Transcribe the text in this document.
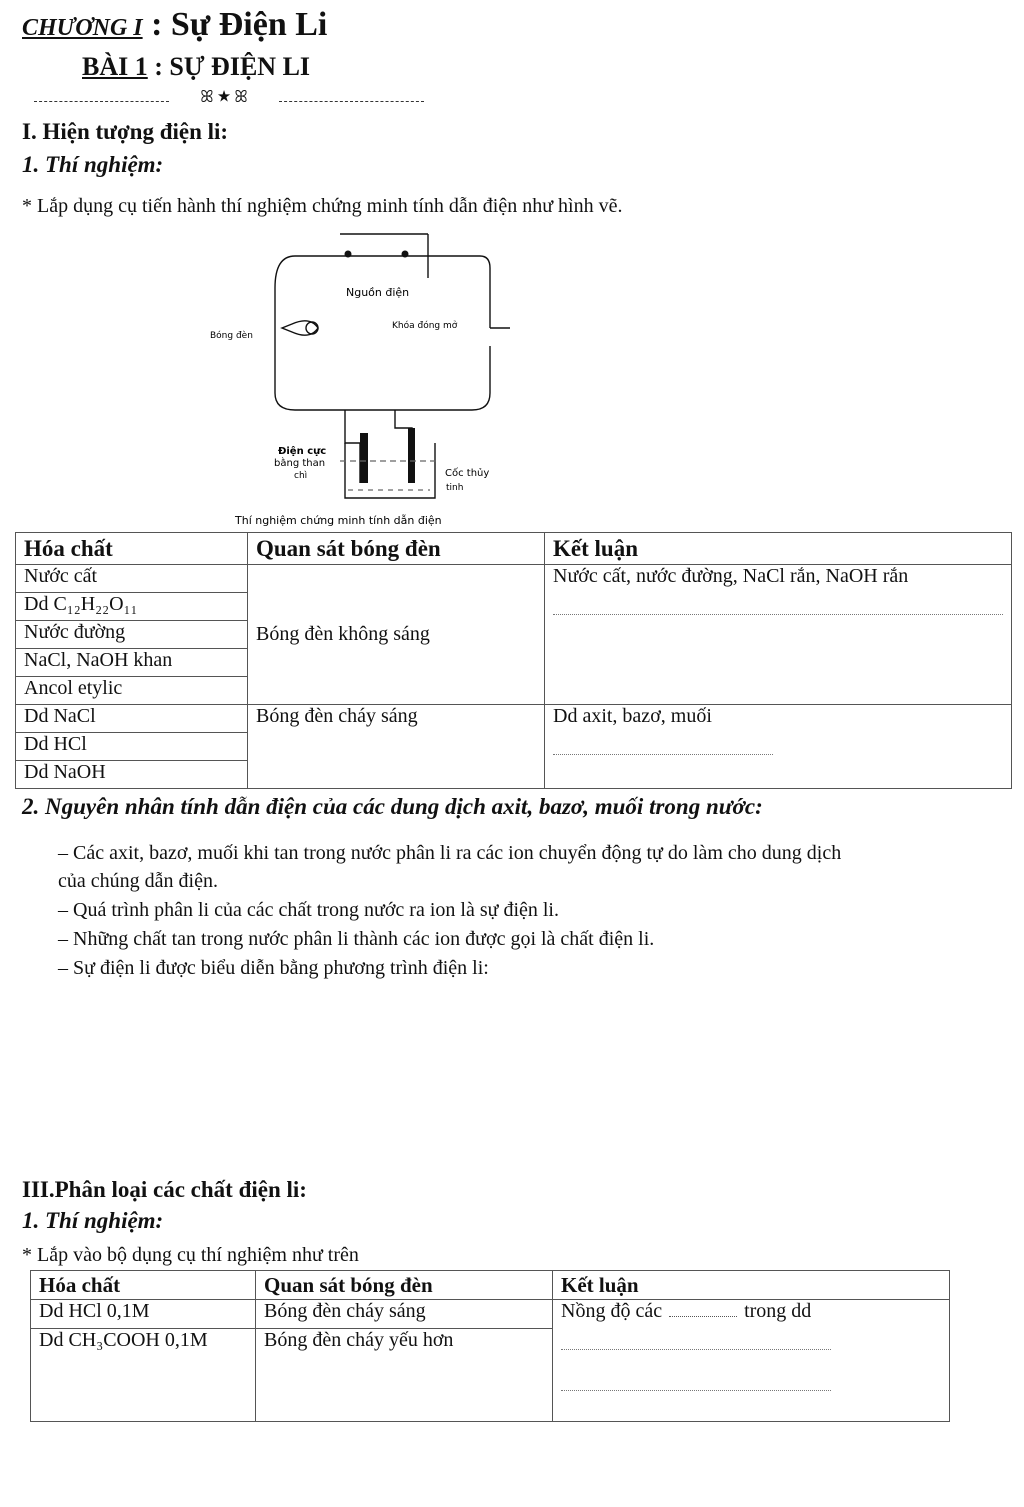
CHƯƠNG I : Sự Điện Li
BÀI 1 : SỰ ĐIỆN LI
ꕤ ★ ꕤ
I. Hiện tượng điện li:
1. Thí nghiệm:
* Lắp dụng cụ tiến hành thí nghiệm chứng minh tính dẫn điện như hình vẽ.
Nguồn điện
Bóng đèn
Khóa đóng mở
Điện cực
bằng than
chì	Cốc thủy
tinh
Thí nghiệm chứng minh tính dẫn điện
Hóa chất	Quan sát bóng đèn	Kết luận
Nước cất	Bóng đèn không sáng	Nước cất, nước đường, NaCl rắn, NaOH rắn

Dd C₁₂H₂₂O₁₁		
Nước đường		
NaCl, NaOH khan		
Ancol etylic		
Dd NaCl	Bóng đèn cháy sáng	Dd axit, bazơ, muối

Dd HCl		
Dd NaOH		
2. Nguyên nhân tính dẫn điện của các dung dịch axit, bazơ, muối trong nước:
– Các axit, bazơ, muối khi tan trong nước phân li ra các ion chuyển động tự do làm cho dung dịch
của chúng dẫn điện.
– Quá trình phân li của các chất trong nước ra ion là sự điện li.
– Những chất tan trong nước phân li thành các ion được gọi là chất điện li.
– Sự điện li được biểu diễn bằng phương trình điện li:
III.Phân loại các chất điện li:
1. Thí nghiệm:
* Lắp vào bộ dụng cụ thí nghiệm như trên
Hóa chất	Quan sát bóng đèn	Kết luận
Dd HCl 0,1M	Bóng đèn cháy sáng	Nồng độ các trong dd

Dd CH₃COOH 0,1M	Bóng đèn cháy yếu hơn	
